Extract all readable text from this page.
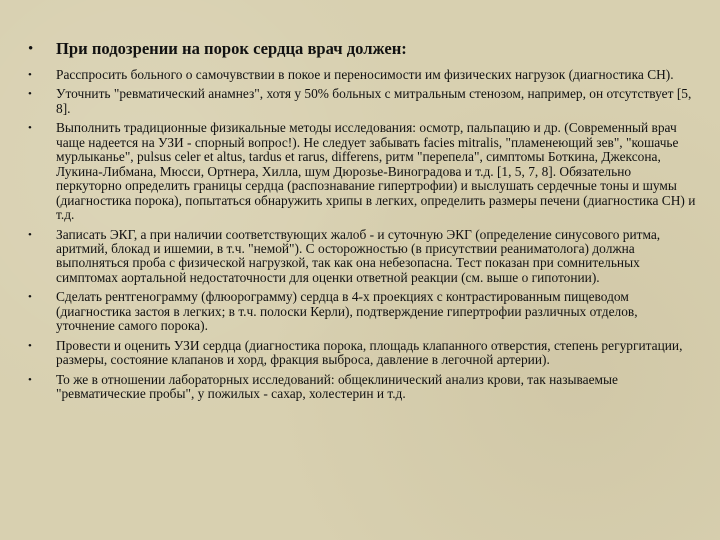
•	При подозрении на порок сердца врач должен:
•	Расспросить больного о самочувствии в покое и переносимости им физических нагрузок (диагностика СН).
•	Уточнить "ревматический анамнез", хотя у 50% больных с митральным стенозом, например, он отсутствует [5, 8].
•	Выполнить традиционные физикальные методы исследования: осмотр, пальпацию и др. (Современный врач чаще надеется на УЗИ - спорный вопрос!). Не следует забывать facies mitralis, "пламенеющий зев", "кошачье мурлыканье", pulsus celer et altus, tardus et rarus, differens, ритм "перепела", симптомы Боткина, Джексона, Лукина-Либмана, Мюсси, Ортнера, Хилла, шум Дюрозье-Виноградова и т.д. [1, 5, 7, 8]. Обязательно перкуторно определить границы сердца (распознавание гипертрофии) и выслушать сердечные тоны и шумы (диагностика порока), попытаться обнаружить хрипы в легких, определить размеры печени (диагностика СН) и т.д.
•	Записать ЭКГ, а при наличии соответствующих жалоб - и суточную ЭКГ (определение синусового ритма, аритмий, блокад и ишемии, в т.ч. "немой"). С осторожностью (в присутствии реаниматолога) должна выполняться проба с физической нагрузкой, так как она небезопасна. Тест показан при сомнительных симптомах аортальной недостаточности для оценки ответной реакции (см. выше о гипотонии).
•	Сделать рентгенограмму (флюорограмму) сердца в 4-х проекциях с контрастированным пищеводом (диагностика застоя в легких; в т.ч. полоски Керли), подтверждение гипертрофии различных отделов, уточнение самого порока).
•	Провести и оценить УЗИ сердца (диагностика порока, площадь клапанного отверстия, степень регургитации, размеры, состояние клапанов и хорд, фракция выброса, давление в легочной артерии).
•	То же в отношении лабораторных исследований: общеклинический анализ крови, так называемые "ревматические пробы", у пожилых - сахар, холестерин и т.д.
